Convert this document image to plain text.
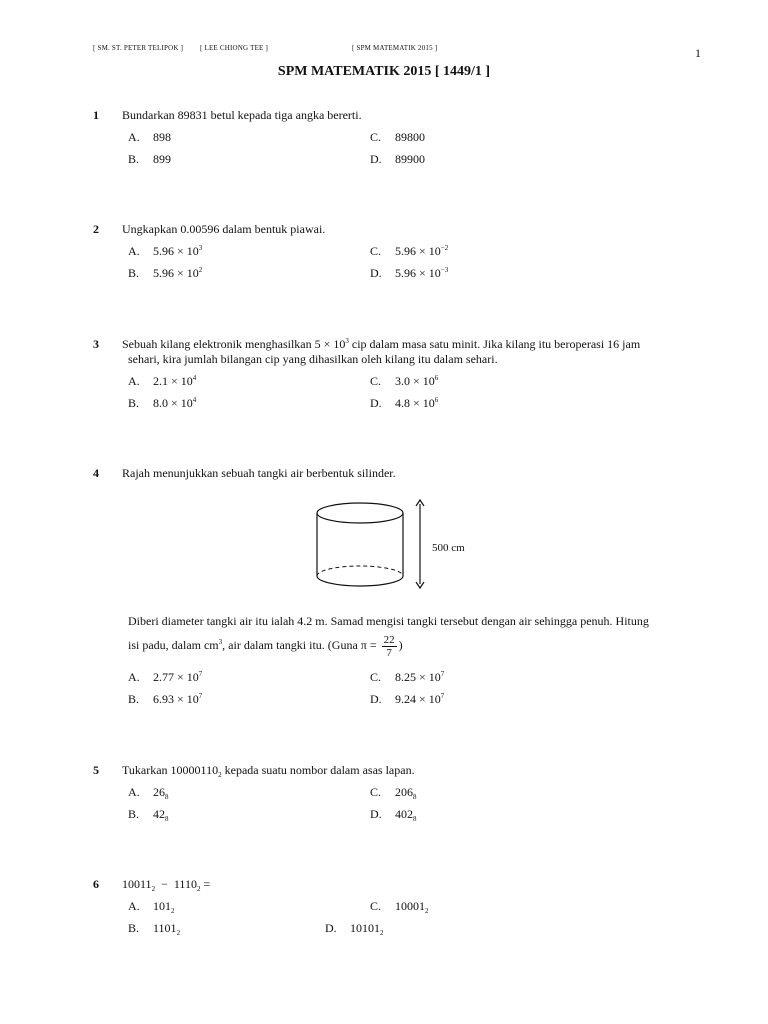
[ SM. ST. PETER TELIPOK ] [ LEE CHIONG TEE ]	[ SPM MATEMATIK 2015 ]	1
SPM MATEMATIK 2015 [ 1449/1 ]
1 Bundarkan 89831 betul kepada tiga angka bererti.
A. 898
B. 899
C. 89800
D. 89900
2 Ungkapkan 0.00596 dalam bentuk piawai.
A. $5.96 \times 10^3$
B. $5.96 \times 10^2$
C. $5.96 \times 10^{-2}$
D. $5.96 \times 10^{-3}$
3 Sebuah kilang elektronik menghasilkan $5 \times 10^3$ cip dalam masa satu minit. Jika kilang itu beroperasi 16 jam
sehari, kira jumlah bilangan cip yang dihasilkan oleh kilang itu dalam sehari.
A. $2.1 \times 10^4$
B. $8.0 \times 10^4$
C. $3.0 \times 10^6$
D. $4.8 \times 10^6$
4 Rajah menunjukkan sebuah tangki air berbentuk silinder.
500 cm
Diberi diameter tangki air itu ialah 4.2 m. Samad mengisi tangki tersebut dengan air sehingga penuh. Hitung
isi padu, dalam $cm^3$, air dalam tangki itu. (Guna $\pi = \frac{22}{7}$ )
A. $2.77 \times 10^7$
B. $6.93 \times 10^7$
C. $8.25 \times 10^7$
D. $9.24 \times 10^7$
5 Tukarkan $10000110_2$ kepada suatu nombor dalam asas lapan.
A. $26_8$
B. $42_8$
C. $206_8$
D. $402_8$
6 $10011_2 - 1110_2$ =
A. $101_2$
B. $1101_2$
C. $10001_2$
D. $10101_2$
